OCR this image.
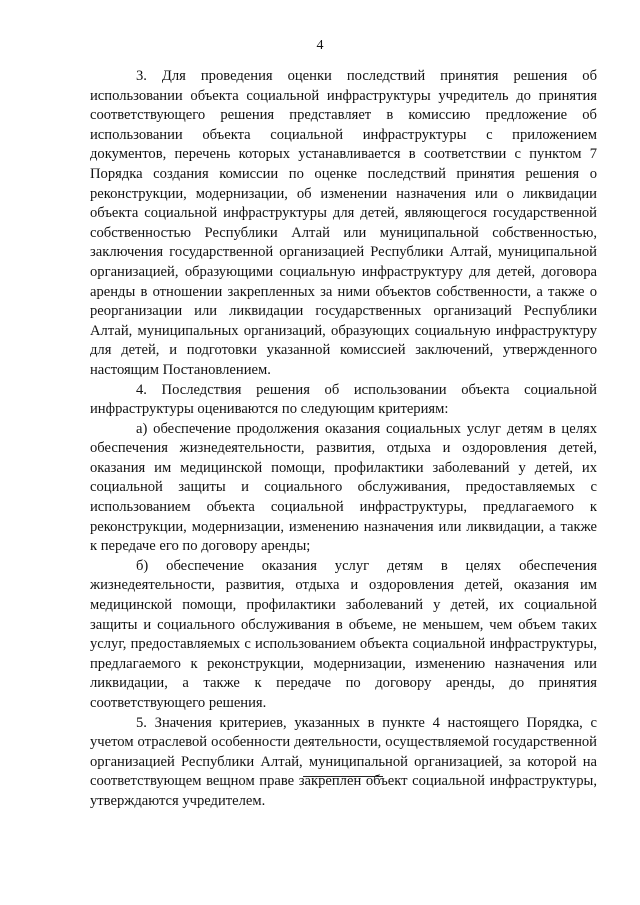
4

3. Для проведения оценки последствий принятия решения об использовании объекта социальной инфраструктуры учредитель до принятия соответствующего решения представляет в комиссию предложение об использовании объекта социальной инфраструктуры с приложением документов, перечень которых устанавливается в соответствии с пунктом 7 Порядка создания комиссии по оценке последствий принятия решения о реконструкции, модернизации, об изменении назначения или о ликвидации объекта социальной инфраструктуры для детей, являющегося государственной собственностью Республики Алтай или муниципальной собственностью, заключения государственной организацией Республики Алтай, муниципальной организацией, образующими социальную инфраструктуру для детей, договора аренды в отношении закрепленных за ними объектов собственности, а также о реорганизации или ликвидации государственных организаций Республики Алтай, муниципальных организаций, образующих социальную инфраструктуру для детей, и подготовки указанной комиссией заключений, утвержденного настоящим Постановлением.

4. Последствия решения об использовании объекта социальной инфраструктуры оцениваются по следующим критериям:

а) обеспечение продолжения оказания социальных услуг детям в целях обеспечения жизнедеятельности, развития, отдыха и оздоровления детей, оказания им медицинской помощи, профилактики заболеваний у детей, их социальной защиты и социального обслуживания, предоставляемых с использованием объекта социальной инфраструктуры, предлагаемого к реконструкции, модернизации, изменению назначения или ликвидации, а также к передаче его по договору аренды;

б) обеспечение оказания услуг детям в целях обеспечения жизнедеятельности, развития, отдыха и оздоровления детей, оказания им медицинской помощи, профилактики заболеваний у детей, их социальной защиты и социального обслуживания в объеме, не меньшем, чем объем таких услуг, предоставляемых с использованием объекта социальной инфраструктуры, предлагаемого к реконструкции, модернизации, изменению назначения или ликвидации, а также к передаче по договору аренды, до принятия соответствующего решения.

5. Значения критериев, указанных в пункте 4 настоящего Порядка, с учетом отраслевой особенности деятельности, осуществляемой государственной организацией Республики Алтай, муниципальной организацией, за которой на соответствующем вещном праве закреплен объект социальной инфраструктуры, утверждаются учредителем.
